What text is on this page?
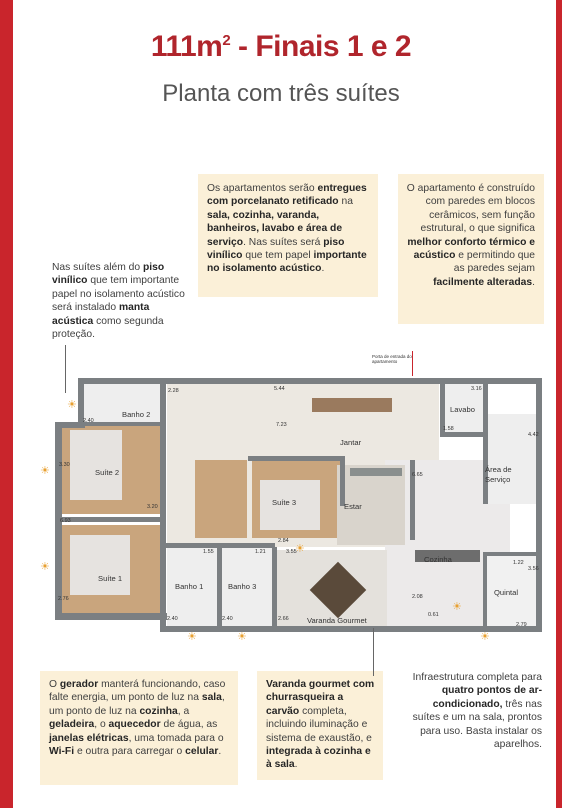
$111m^2$ - Finais 1 e 2
Planta com três suítes
Os apartamentos serão entregues com porcelanato retificado na sala, cozinha, varanda, banheiros, lavabo e área de serviço. Nas suítes será piso vinílico que tem papel importante no isolamento acústico.
O apartamento é construído com paredes em blocos cerâmicos, sem função estrutural, o que significa melhor conforto térmico e acústico e permitindo que as paredes sejam facilmente alteradas.
Nas suítes além do piso vinílico que tem importante papel no isolamento acústico será instalado manta acústica como segunda proteção.
Banho 2
Jantar
Lavabo
Suíte 2
Suíte 3	Estar
Área de
Serviço
Suíte 1
Banho 1	Banho 3
Cozinha
Quintal
Varanda Gourmet
2.40
2.28	5.44	3.16
1.58
4.42
7.23
3.30
3.20
6.65
6.93
2.84
1.55	1.21	3.55
2.76
2.40	2.40	2.66
2.08
0.61
1.22
3.56
2.79
☀
☀
☀
☀	☀
☀
☀
☀
Porta de entrada do apartamento
O gerador manterá funcionando, caso falte energia, um ponto de luz na sala, um ponto de luz na cozinha, a geladeira, o aquecedor de água, as janelas elétricas, uma tomada para o Wi-Fi e outra para carregar o celular.
Varanda gourmet com churrasqueira a carvão completa, incluindo iluminação e sistema de exaustão, e integrada à cozinha e à sala.
Infraestrutura completa para quatro pontos de ar-condicionado, três nas suítes e um na sala, prontos para uso. Basta instalar os aparelhos.
